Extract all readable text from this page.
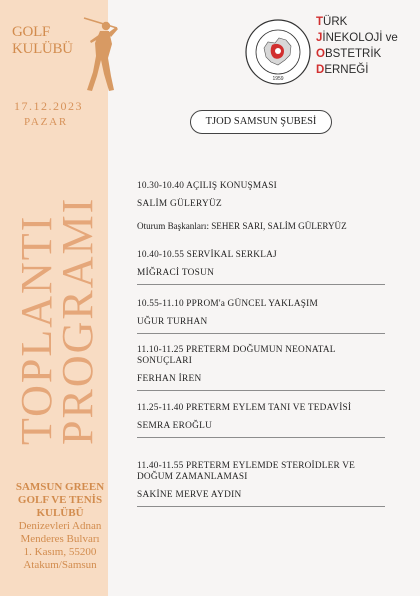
GOLF
KULÜBÜ
17.12.2023
PAZAR
TOPLANTI
PROGRAMI
SAMSUN GREEN
GOLF VE TENİS
KULÜBÜ
Denizevleri Adnan
Menderes Bulvarı
1. Kasım, 55200
Atakum/Samsun
1959
TÜRK
JİNEKOLOJİ ve
OBSTETRİK
DERNEĞİ
TJOD SAMSUN ŞUBESİ
10.30-10.40 AÇILIŞ KONUŞMASI
SALİM GÜLERYÜZ
Oturum Başkanları: SEHER SARI, SALİM GÜLERYÜZ
10.40-10.55 SERVİKAL SERKLAJ
MİĞRACİ TOSUN
10.55-11.10 PPROM'a GÜNCEL YAKLAŞIM
UĞUR TURHAN
11.10-11.25 PRETERM DOĞUMUN NEONATAL SONUÇLARI
FERHAN İREN
11.25-11.40 PRETERM EYLEM TANI VE TEDAVİSİ
SEMRA EROĞLU
11.40-11.55 PRETERM EYLEMDE STEROİDLER VE DOĞUM ZAMANLAMASI
SAKİNE MERVE AYDIN
